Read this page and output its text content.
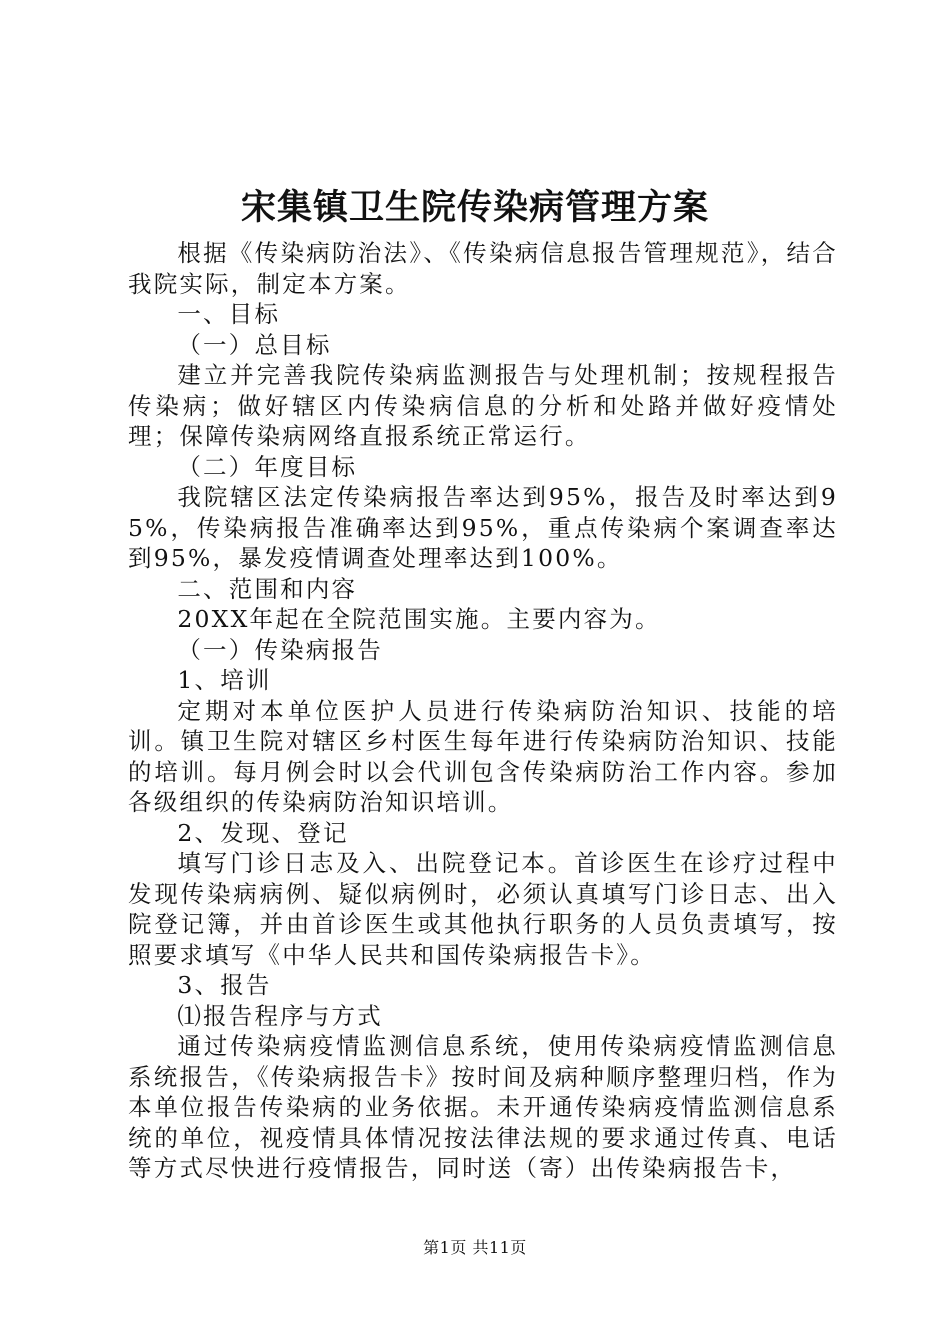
宋集镇卫生院传染病管理方案
根据《传染病防治法》、《传染病信息报告管理规范》，结合我院实际，制定本方案。
一、目标
（一）总目标
建立并完善我院传染病监测报告与处理机制；按规程报告传染病；做好辖区内传染病信息的分析和处路并做好疫情处理；保障传染病网络直报系统正常运行。
（二）年度目标
我院辖区法定传染病报告率达到95%，报告及时率达到95%，传染病报告准确率达到95%，重点传染病个案调查率达到95%，暴发疫情调查处理率达到100%。
二、范围和内容
20XX年起在全院范围实施。主要内容为。
（一）传染病报告
1、培训
定期对本单位医护人员进行传染病防治知识、技能的培训。镇卫生院对辖区乡村医生每年进行传染病防治知识、技能的培训。每月例会时以会代训包含传染病防治工作内容。参加各级组织的传染病防治知识培训。
2、发现、登记
填写门诊日志及入、出院登记本。首诊医生在诊疗过程中发现传染病病例、疑似病例时，必须认真填写门诊日志、出入院登记簿，并由首诊医生或其他执行职务的人员负责填写，按照要求填写《中华人民共和国传染病报告卡》。
3、报告
⑴报告程序与方式
通过传染病疫情监测信息系统，使用传染病疫情监测信息系统报告，《传染病报告卡》按时间及病种顺序整理归档，作为本单位报告传染病的业务依据。未开通传染病疫情监测信息系统的单位，视疫情具体情况按法律法规的要求通过传真、电话等方式尽快进行疫情报告，同时送（寄）出传染病报告卡，
第1页 共11页
